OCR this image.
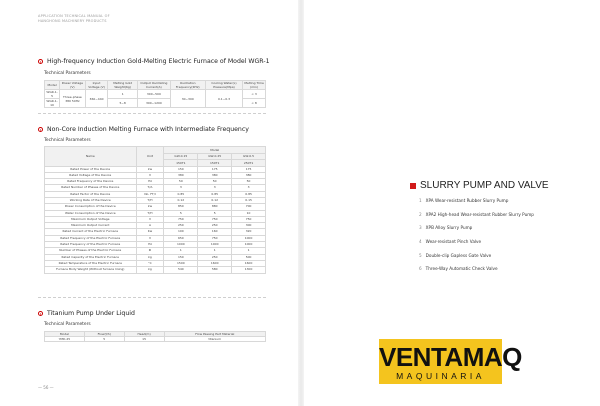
APPLICATION TECHNICAL MANUAL OF
HANGHONG MACHINERY PRODUCTS
High-frequency Induction Gold-Melting Electric Furnace of Model WGR-1
Technical Parameters
Model	Power Voltage (V)	Input Voltage (V)	Melting Gold Weight(Kg)	Output Oscillating Current(A)	Oscillation Frequency(KHz)	Cooling Water(L) Pressure(Mpa)	Melting Time (min)
WGR-1-5	Three-phase 380 50Hz	360~440	1	300~500	30~300	0.1~0.3	< 3
WGR-1-10			5~8	300~1200			< 8
Non-Core Induction Melting Furnace with Intermediate Frequency
Technical Parameters
Name	Unit	Model		
		GW-0.15	GW-0.25	GW-0.5
		150T1	150T1	250T1
Rated Power of the Device	kw	150	175	175
Rated Voltage of the Device	V	380	380	380
Rated Frequency of the Device	Hz	50	50	50
Rated Number of Phases of the Device	T/A	3	3	3
Rated Factor of the Device	No. FT/I	0.85	0.85	0.85
Working Rate of the Device	T/H	0.12	0.12	0.15
Power Consumption of the Device	kw	850	880	700
Water Consumption of the Device	T/H	5	5	10
Maximum Output Voltage	V	750	750	750
Maximum Output Current	A	250	250	300
Rated Current of the Electric Furnace	Kw	100	160	320
Rated Frequency of the Electric Furnace	V	650	750	1000
Rated Frequency of the Electric Furnace	Hz	1000	1000	1000
Number of Phases of the Electric Furnace	Φ	1	1	1
Rated Capacity of the Electric Furnace	kg	150	250	500
Rated Temperature of the Electric Furnace	°C	1500	1600	1600
Furnace Body Weight (Without furnace lining)	kg	540	580	1300
Titanium Pump Under Liquid
Technical Parameters
Model	Flow(t/h)	Head(m)	Flow Passing Part Material
YMD-25	5	15	titanium
— 56 —
SLURRY PUMP AND VALVE
1 XPA Wear-resistant Rubber Slurry Pump
2 XPA2 High-head Wear-resistant Rubber Slurry Pump
3 XPB Alloy Slurry Pump
4 Wear-resistant Pinch Valve
5 Double-clip Gapless Gate Valve
6 Three-Way Automatic Check Valve
VENTAMAQ
MAQUINARIA
